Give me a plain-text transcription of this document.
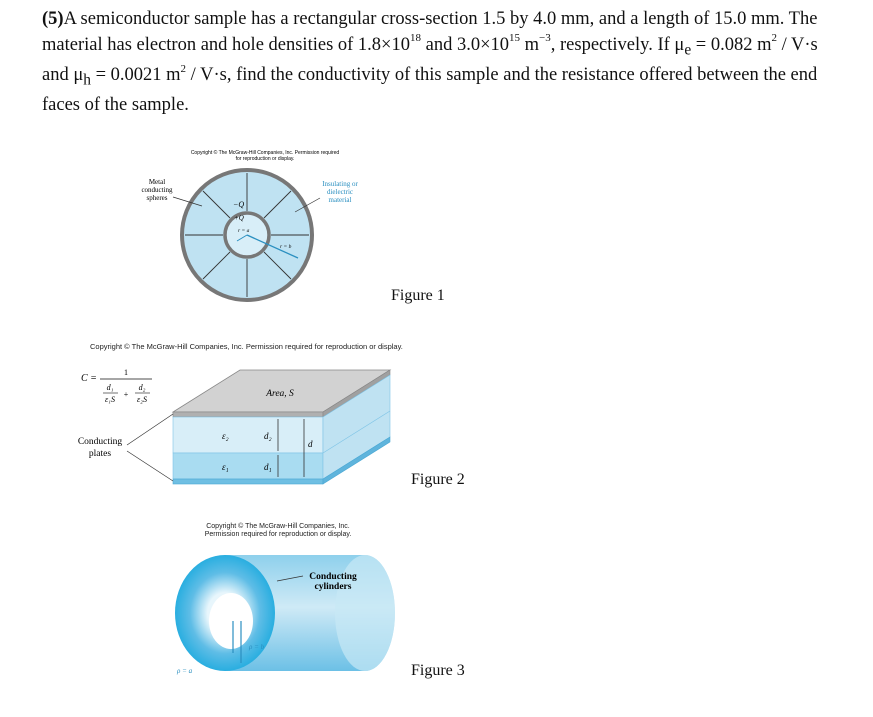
(5)A semiconductor sample has a rectangular cross-section 1.5 by 4.0 mm, and a length of 15.0 mm. The material has electron and hole densities of $1.8\times 10^{18}$ and $3.0\times 10^{15}$ $m^{-3}$, respectively. If $\mu_e = 0.082$ $m^2 / V\cdot s$ and $\mu_h = 0.0021$ $m^2 / V\cdot s$, find the conductivity of this sample and the resistance offered between the end faces of the sample.

Copyright © The McGraw-Hill Companies, Inc. Permission required
for reproduction or display.
−Q
+Q
r = a
r = b
Metal
conducting
spheres
Insulating or
dielectric
material
Figure 1
Copyright © The McGraw-Hill Companies, Inc. Permission required for reproduction or display.
C =
1
d₁
ε₁S
+
d₂
ε₂S
Area, S
ε₂
ε₁
d₂
d₁
d
Conducting
plates
Figure 2
Copyright © The McGraw-Hill Companies, Inc.
Permission required for reproduction or display.
ρ = b
ρ = a
Conducting
cylinders
Figure 3
